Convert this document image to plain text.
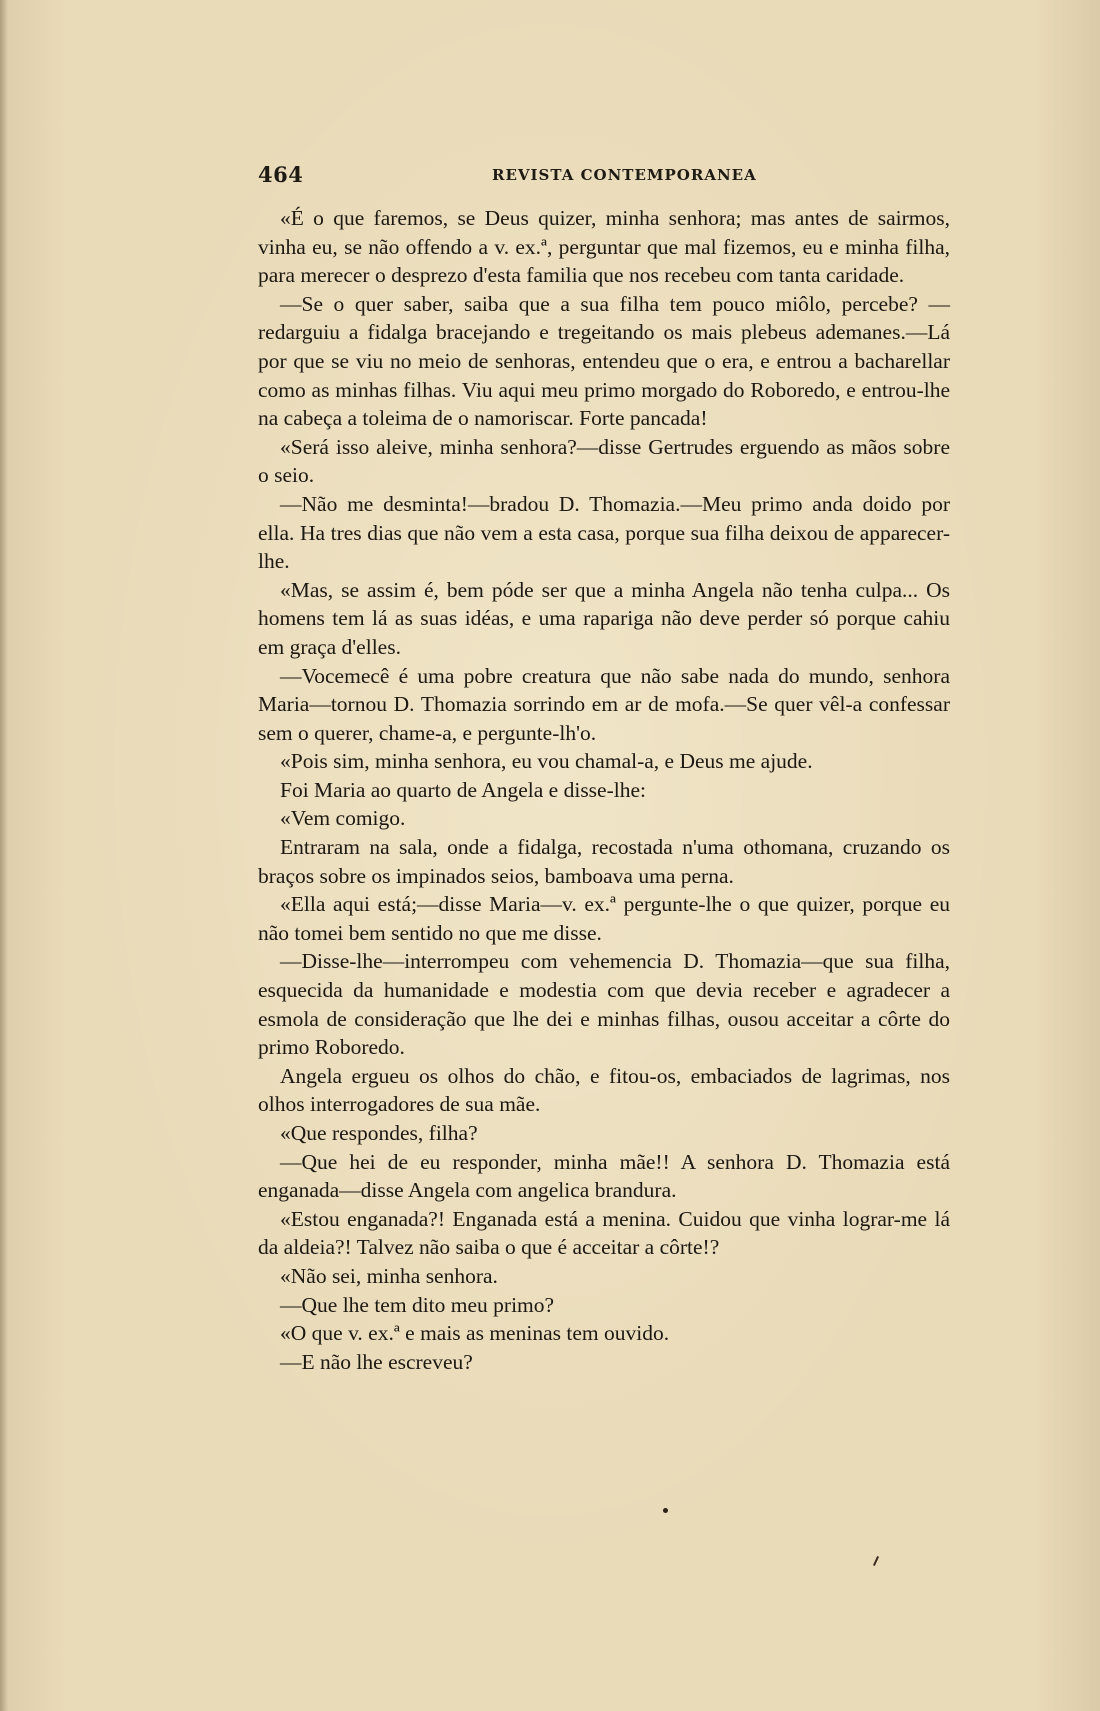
464	REVISTA CONTEMPORANEA

«É o que faremos, se Deus quizer, minha senhora; mas antes de sairmos, vinha eu, se não offendo a v. ex.ª, perguntar que mal fizemos, eu e minha filha, para merecer o desprezo d'esta familia que nos recebeu com tanta caridade.

—Se o quer saber, saiba que a sua filha tem pouco miôlo, percebe? —redarguiu a fidalga bracejando e tregeitando os mais plebeus ademanes.—Lá por que se viu no meio de senhoras, entendeu que o era, e entrou a bacharellar como as minhas filhas. Viu aqui meu primo morgado do Roboredo, e entrou-lhe na cabeça a toleima de o namoriscar. Forte pancada!

«Será isso aleive, minha senhora?—disse Gertrudes erguendo as mãos sobre o seio.

—Não me desminta!—bradou D. Thomazia.—Meu primo anda doido por ella. Ha tres dias que não vem a esta casa, porque sua filha deixou de apparecer-lhe.

«Mas, se assim é, bem póde ser que a minha Angela não tenha culpa... Os homens tem lá as suas idéas, e uma rapariga não deve perder só porque cahiu em graça d'elles.

—Vocemecê é uma pobre creatura que não sabe nada do mundo, senhora Maria—tornou D. Thomazia sorrindo em ar de mofa.—Se quer vêl-a confessar sem o querer, chame-a, e pergunte-lh'o.

«Pois sim, minha senhora, eu vou chamal-a, e Deus me ajude.

Foi Maria ao quarto de Angela e disse-lhe:

«Vem comigo.

Entraram na sala, onde a fidalga, recostada n'uma othomana, cruzando os braços sobre os impinados seios, bamboava uma perna.

«Ella aqui está;—disse Maria—v. ex.ª pergunte-lhe o que quizer, porque eu não tomei bem sentido no que me disse.

—Disse-lhe—interrompeu com vehemencia D. Thomazia—que sua filha, esquecida da humanidade e modestia com que devia receber e agradecer a esmola de consideração que lhe dei e minhas filhas, ousou acceitar a côrte do primo Roboredo.

Angela ergueu os olhos do chão, e fitou-os, embaciados de lagrimas, nos olhos interrogadores de sua mãe.

«Que respondes, filha?

—Que hei de eu responder, minha mãe!! A senhora D. Thomazia está enganada—disse Angela com angelica brandura.

«Estou enganada?! Enganada está a menina. Cuidou que vinha lograr-me lá da aldeia?! Talvez não saiba o que é acceitar a côrte!?

«Não sei, minha senhora.

—Que lhe tem dito meu primo?

«O que v. ex.ª e mais as meninas tem ouvido.

—E não lhe escreveu?
